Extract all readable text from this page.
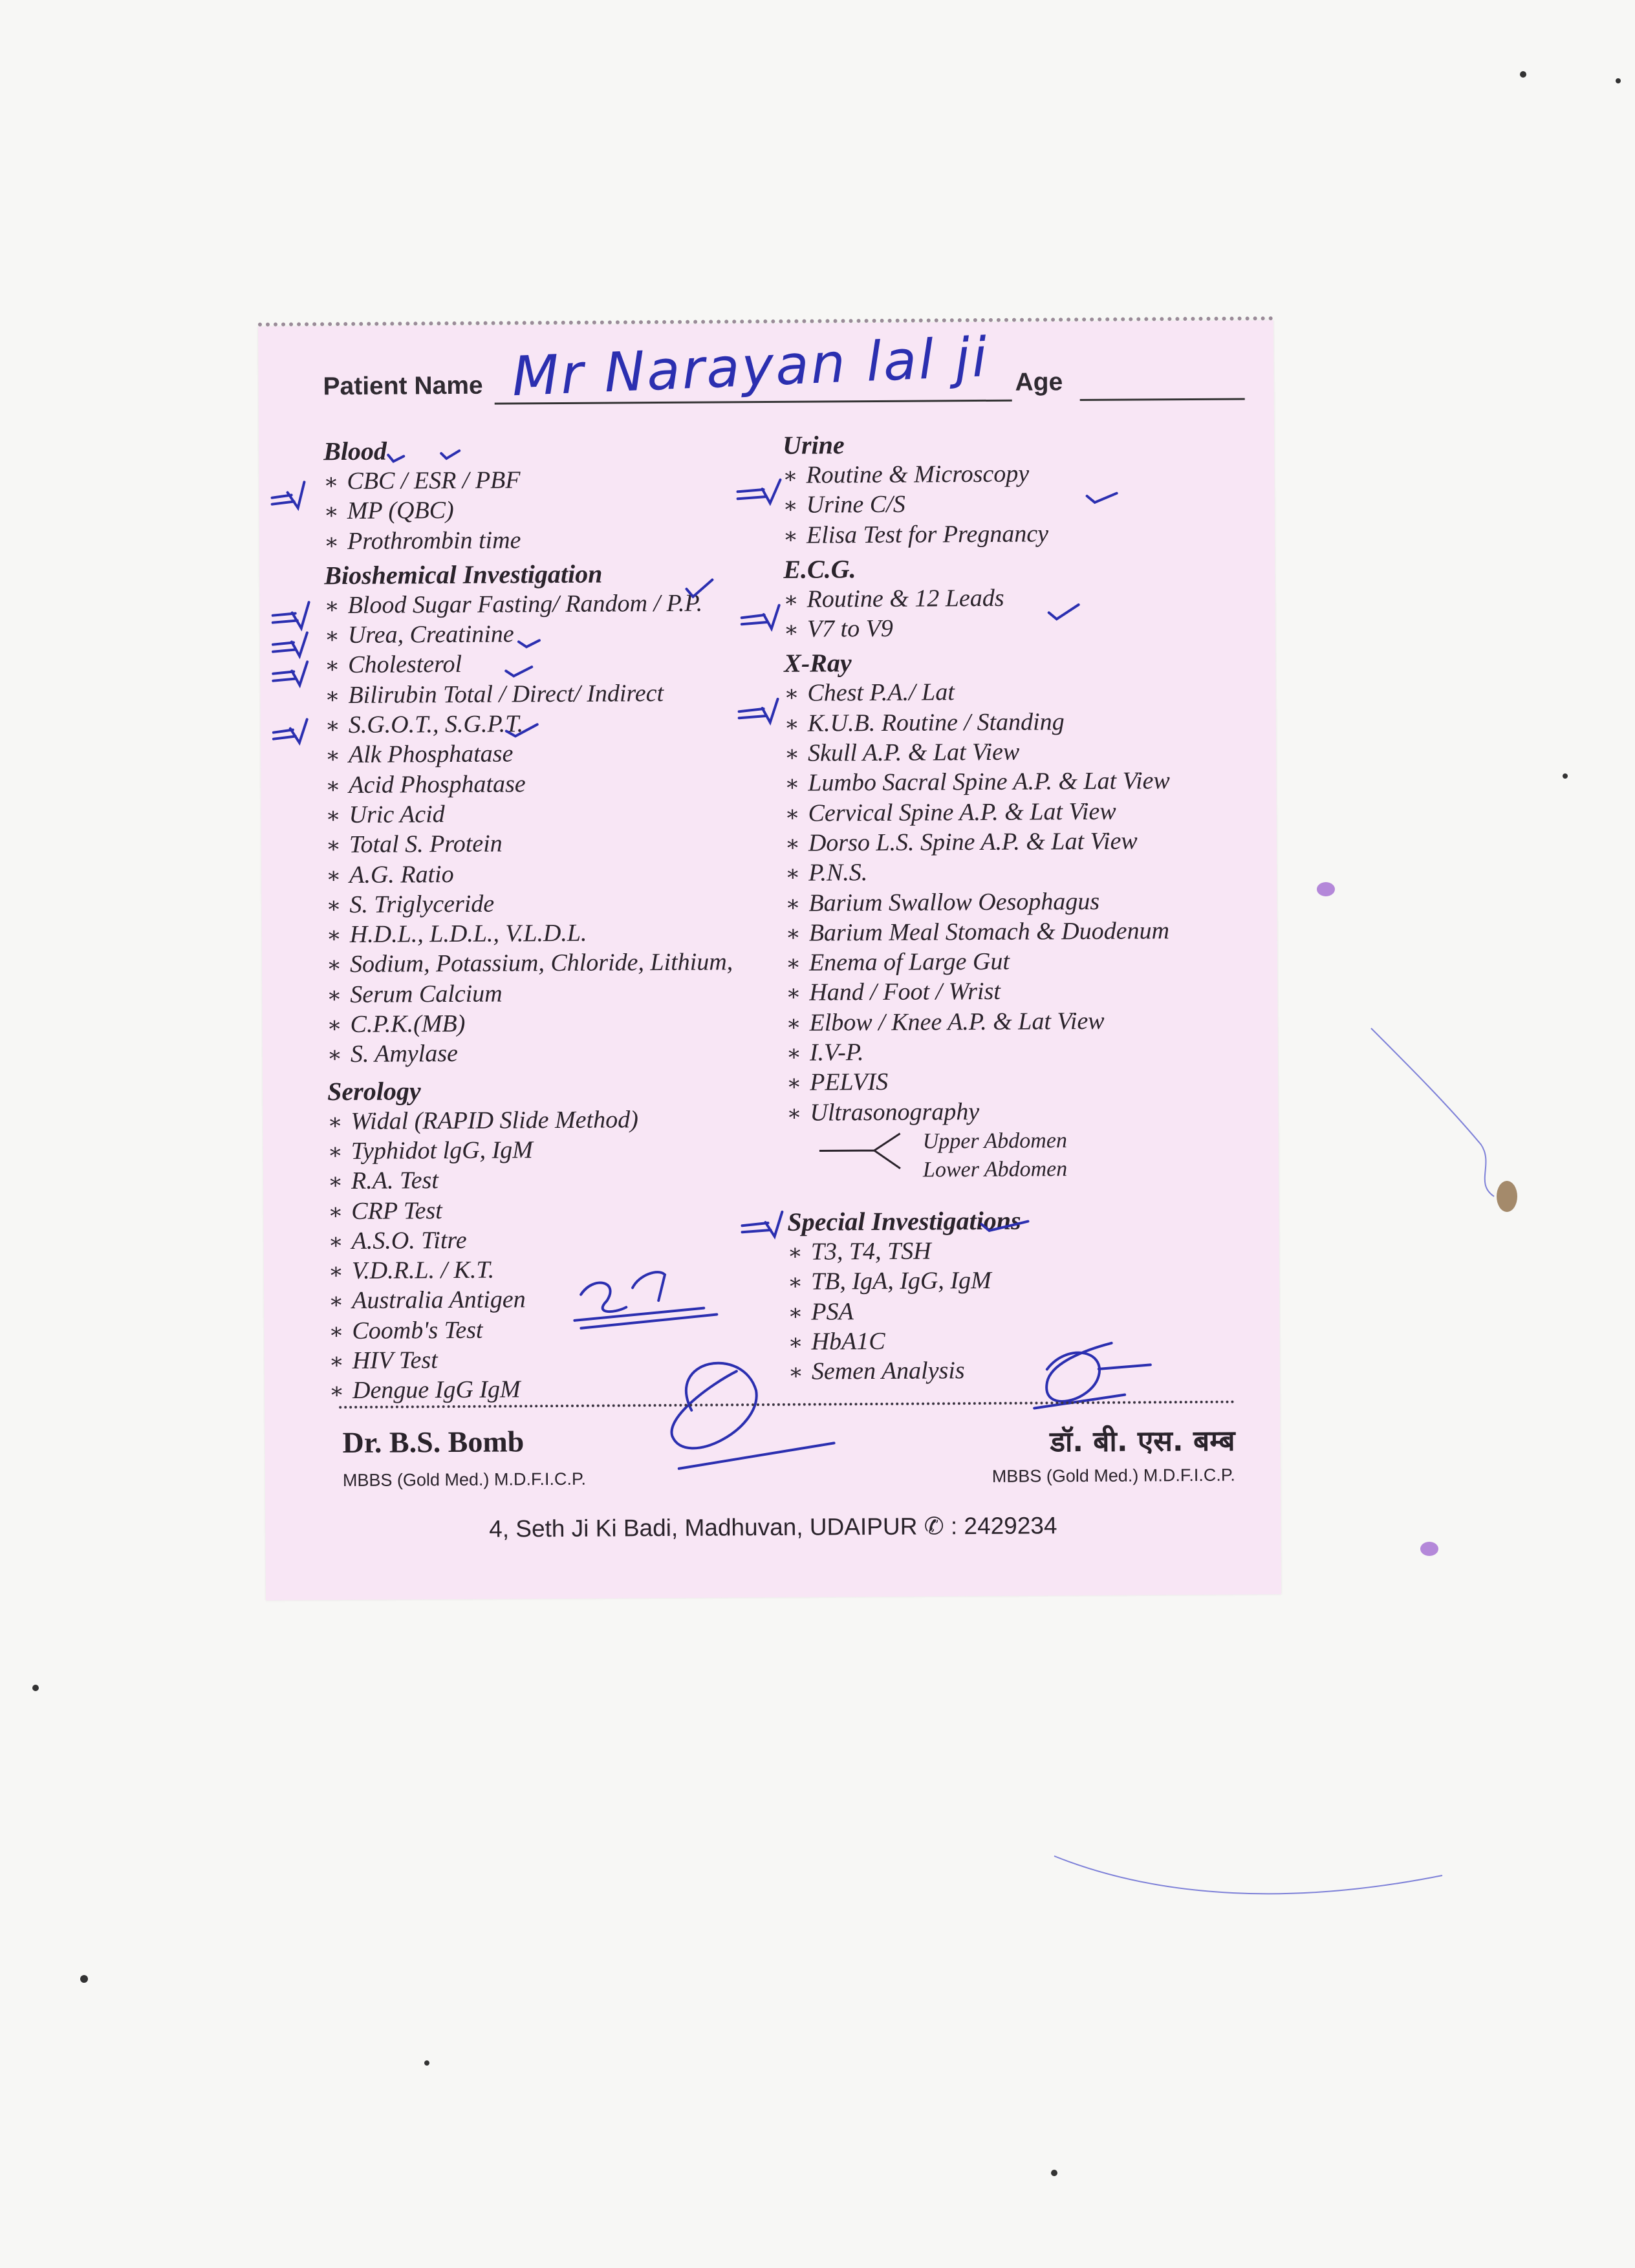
Patient Name Mr Narayan lal ji Age
Blood
∗ CBC / ESR / PBF
∗ MP (QBC)
∗ Prothrombin time
Bioshemical Investigation
∗ Blood Sugar Fasting/ Random / P.P.
∗ Urea, Creatinine
∗ Cholesterol
∗ Bilirubin Total / Direct/ Indirect
∗ S.G.O.T., S.G.P.T.
∗ Alk Phosphatase
∗ Acid Phosphatase
∗ Uric Acid
∗ Total S. Protein
∗ A.G. Ratio
∗ S. Triglyceride
∗ H.D.L., L.D.L., V.L.D.L.
∗ Sodium, Potassium, Chloride, Lithium,
∗ Serum Calcium
∗ C.P.K.(MB)
∗ S. Amylase
Serology
∗ Widal (RAPID Slide Method)
∗ Typhidot lgG, IgM
∗ R.A. Test
∗ CRP Test
∗ A.S.O. Titre
∗ V.D.R.L. / K.T.
∗ Australia Antigen
∗ Coomb's Test
∗ HIV Test
∗ Dengue IgG IgM
Urine
∗ Routine & Microscopy
∗ Urine C/S
∗ Elisa Test for Pregnancy
E.C.G.
∗ Routine & 12 Leads
∗ V7 to V9
X-Ray
∗ Chest P.A./ Lat
∗ K.U.B. Routine / Standing
∗ Skull A.P. & Lat View
∗ Lumbo Sacral Spine A.P. & Lat View
∗ Cervical Spine A.P. & Lat View
∗ Dorso L.S. Spine A.P. & Lat View
∗ P.N.S.
∗ Barium Swallow Oesophagus
∗ Barium Meal Stomach & Duodenum
∗ Enema of Large Gut
∗ Hand / Foot / Wrist
∗ Elbow / Knee A.P. & Lat View
∗ I.V-P.
∗ PELVIS
∗ Ultrasonography
Special Investigations
∗ T3, T4, TSH
∗ TB, IgA, IgG, IgM
∗ PSA
∗ HbA1C
∗ Semen Analysis
Upper Abdomen
Lower Abdomen
Dr. B.S. Bomb
MBBS (Gold Med.) M.D.F.I.C.P.
डॉ. बी. एस. बम्ब
MBBS (Gold Med.) M.D.F.I.C.P.
4, Seth Ji Ki Badi, Madhuvan, UDAIPUR ✆ : 2429234
